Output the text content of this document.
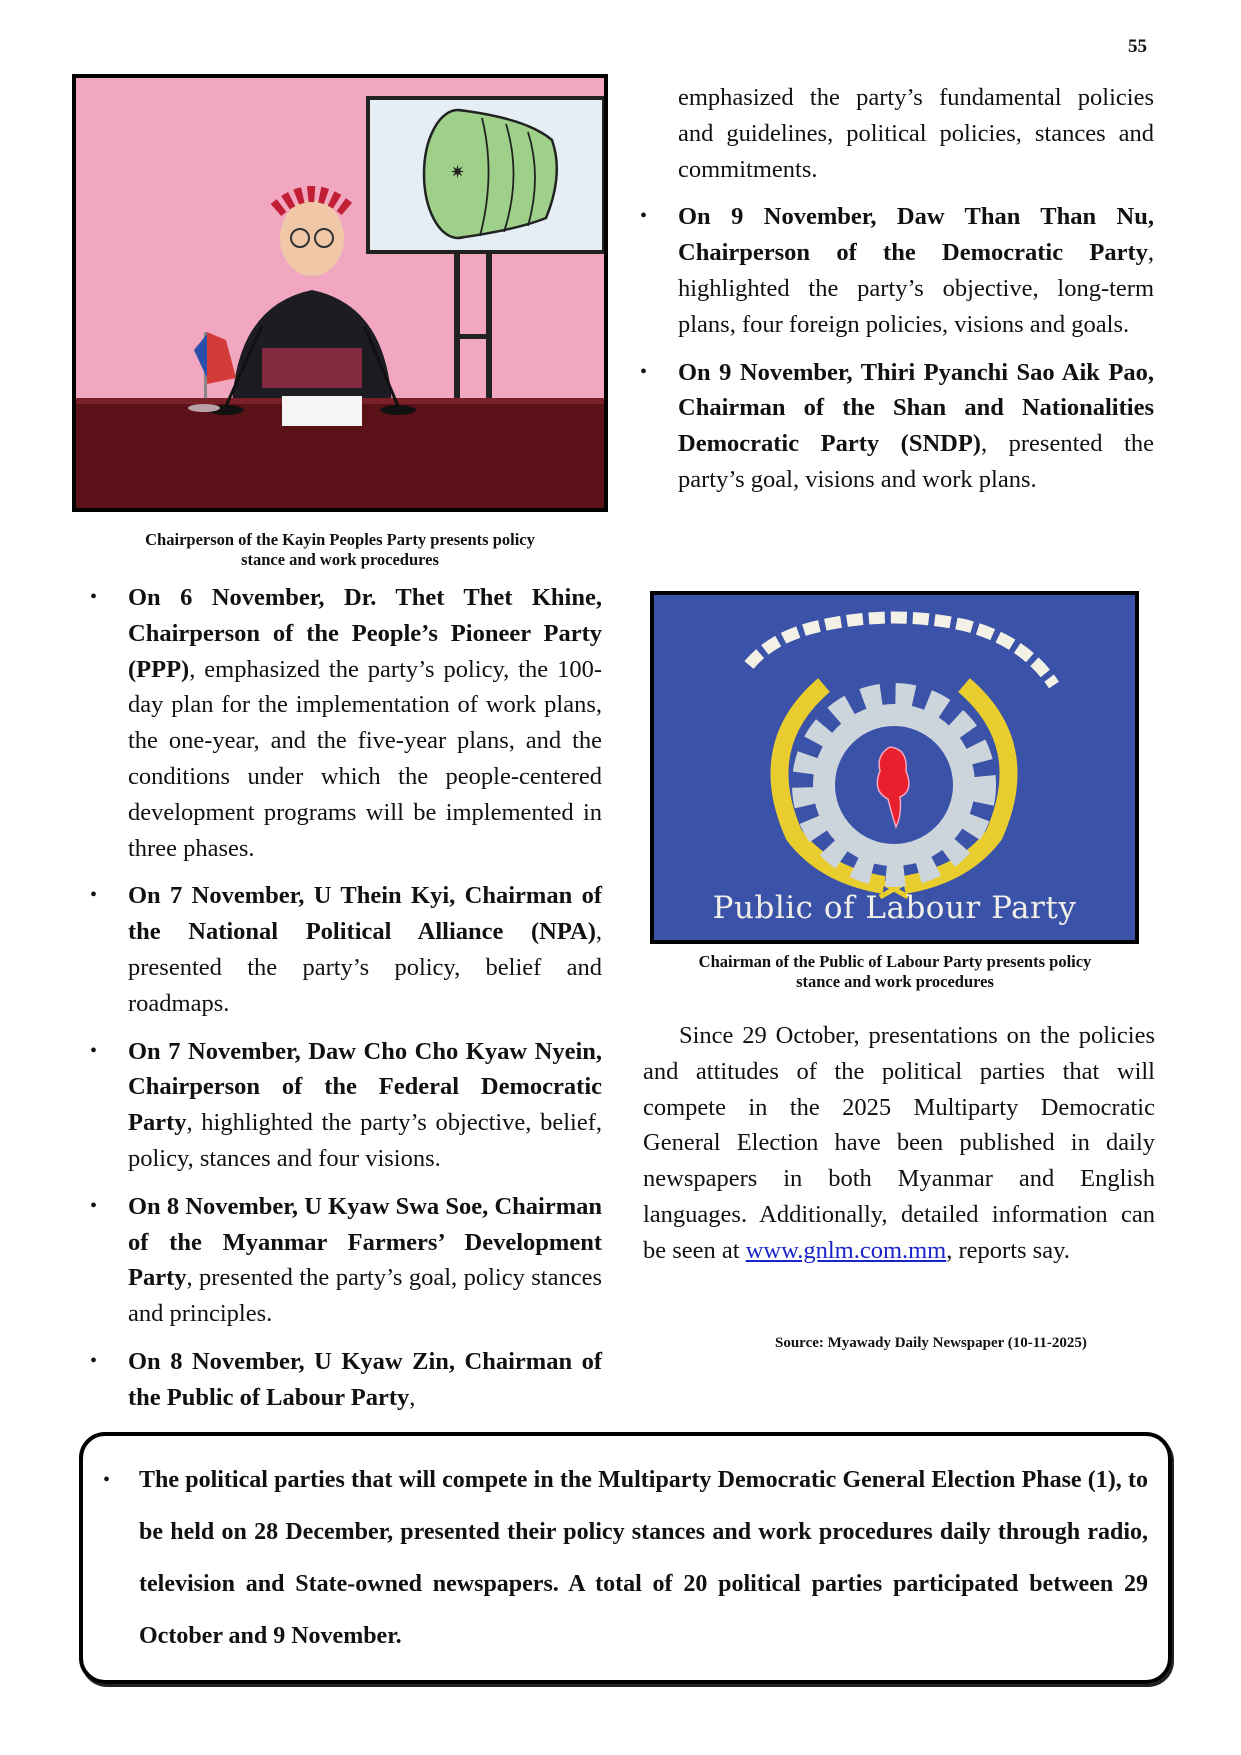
55
✷
Chairperson of the Kayin Peoples Party presents policy
stance and work procedures
• On 6 November, Dr. Thet Thet Khine, Chairperson of the People’s Pioneer Party (PPP), emphasized the party’s policy, the 100-day plan for the implementation of work plans, the one-year, and the five-year plans, and the conditions under which the people-centered development programs will be implemented in three phases.
• On 7 November, U Thein Kyi, Chairman of the National Political Alliance (NPA), presented the party’s policy, belief and roadmaps.
• On 7 November, Daw Cho Cho Kyaw Nyein, Chairperson of the Federal Democratic Party, highlighted the party’s objective, belief, policy, stances and four visions.
• On 8 November, U Kyaw Swa Soe, Chairman of the Myanmar Farmers’ Development Party, presented the party’s goal, policy stances and principles.
• On 8 November, U Kyaw Zin, Chairman of the Public of Labour Party,
emphasized the party’s fundamental policies and guidelines, political policies, stances and commitments.
• On 9 November, Daw Than Than Nu, Chairperson of the Democratic Party, highlighted the party’s objective, long-term plans, four foreign policies, visions and goals.
• On 9 November, Thiri Pyanchi Sao Aik Pao, Chairman of the Shan and Nationalities Democratic Party (SNDP), presented the party’s goal, visions and work plans.
Public of Labour Party
Chairman of the Public of Labour Party presents policy
stance and work procedures
Since 29 October, presentations on the policies and attitudes of the political parties that will compete in the 2025 Multiparty Democratic General Election have been published in daily newspapers in both Myanmar and English languages. Additionally, detailed information can be seen at www.gnlm.com.mm, reports say.
Source: Myawady Daily Newspaper (10-11-2025)
• The political parties that will compete in the Multiparty Democratic General Election Phase (1), to be held on 28 December, presented their policy stances and work procedures daily through radio, television and State-owned newspapers. A total of 20 political parties participated between 29 October and 9 November.
